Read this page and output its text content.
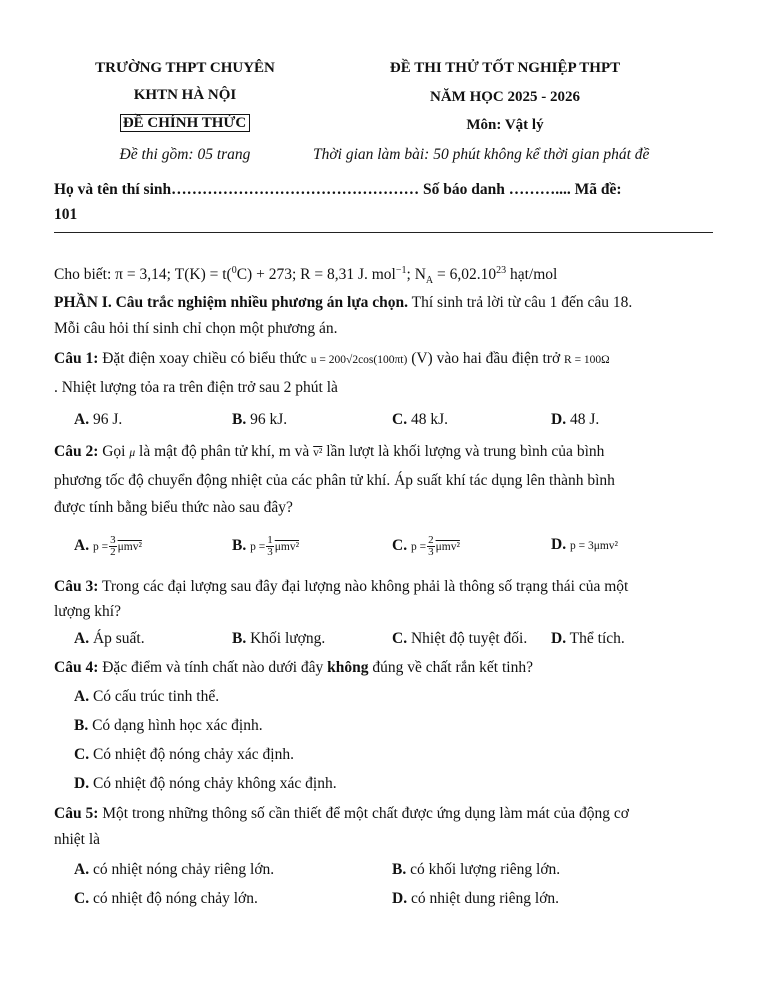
TRƯỜNG THPT CHUYÊN
KHTN HÀ NỘI
ĐỀ CHÍNH THỨC
Đề thi gồm: 05 trang
ĐỀ THI THỬ TỐT NGHIỆP THPT
NĂM HỌC 2025 - 2026
Môn: Vật lý
Thời gian làm bài: 50 phút không kể thời gian phát đề
Họ và tên thí sinh………………………………………… Số báo danh ……….... Mã đề:
101
Cho biết: π = 3,14; T(K) = t($^0$C) + 273; R = 8,31 J. mol$^{-1}$; $N_A = 6,02.10^{23}$ hạt/mol
PHẦN I. Câu trắc nghiệm nhiều phương án lựa chọn. Thí sinh trả lời từ câu 1 đến câu 18.
Mỗi câu hỏi thí sinh chỉ chọn một phương án.
Câu 1: Đặt điện xoay chiều có biểu thức u = 200√2cos(100πt) (V) vào hai đầu điện trở R = 100Ω
. Nhiệt lượng tỏa ra trên điện trở sau 2 phút là
A. 96 J.	B. 96 kJ.	C. 48 kJ.	D. 48 J.
Câu 2: Gọi μ là mật độ phân tử khí, m và v² lần lượt là khối lượng và trung bình của bình
phương tốc độ chuyển động nhiệt của các phân tử khí. Áp suất khí tác dụng lên thành bình
được tính bằng biểu thức nào sau đây?
A. $p = \frac{3}{2} \mu mv^2$	B. $p = \frac{1}{3} \mu mv^2$	C. $p = \frac{2}{3} \mu mv^2$	D. p = 3μmv²
Câu 3: Trong các đại lượng sau đây đại lượng nào không phải là thông số trạng thái của một
lượng khí?
A. Áp suất.	B. Khối lượng.	C. Nhiệt độ tuyệt đối. D. Thể tích.
Câu 4: Đặc điểm và tính chất nào dưới đây không đúng về chất rắn kết tinh?
A. Có cấu trúc tinh thể.
B. Có dạng hình học xác định.
C. Có nhiệt độ nóng chảy xác định.
D. Có nhiệt độ nóng chảy không xác định.
Câu 5: Một trong những thông số cần thiết để một chất được ứng dụng làm mát của động cơ
nhiệt là
A. có nhiệt nóng chảy riêng lớn.	B. có khối lượng riêng lớn.
C. có nhiệt độ nóng chảy lớn.	D. có nhiệt dung riêng lớn.
